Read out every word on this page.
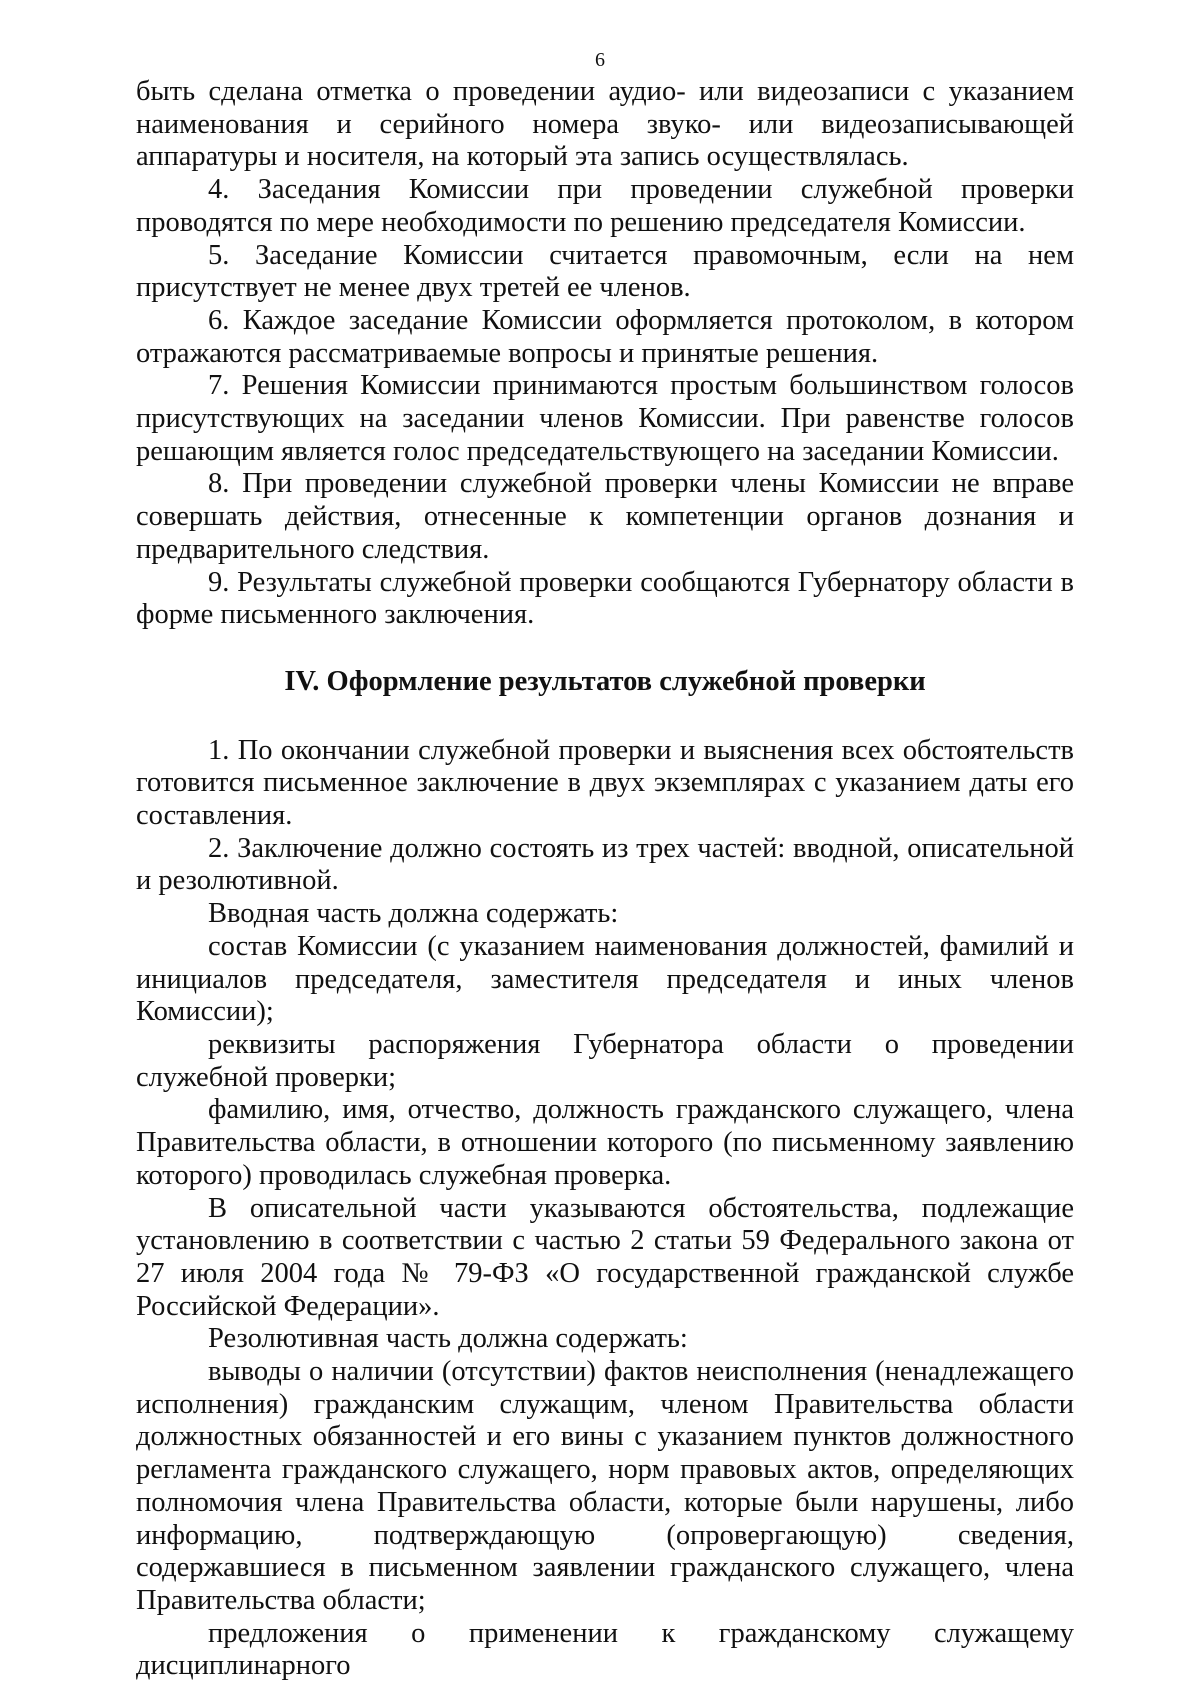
6

быть сделана отметка о проведении аудио- или видеозаписи с указанием наименования и серийного номера звуко- или видеозаписывающей аппаратуры и носителя, на который эта запись осуществлялась.

4. Заседания Комиссии при проведении служебной проверки проводятся по мере необходимости по решению председателя Комиссии.

5. Заседание Комиссии считается правомочным, если на нем присутствует не менее двух третей ее членов.

6. Каждое заседание Комиссии оформляется протоколом, в котором отражаются рассматриваемые вопросы и принятые решения.

7. Решения Комиссии принимаются простым большинством голосов присутствующих на заседании членов Комиссии. При равенстве голосов решающим является голос председательствующего на заседании Комиссии.

8. При проведении служебной проверки члены Комиссии не вправе совершать действия, отнесенные к компетенции органов дознания и предварительного следствия.

9. Результаты служебной проверки сообщаются Губернатору области в форме письменного заключения.

IV. Оформление результатов служебной проверки

1. По окончании служебной проверки и выяснения всех обстоятельств готовится письменное заключение в двух экземплярах с указанием даты его составления.

2. Заключение должно состоять из трех частей: вводной, описательной и резолютивной.

Вводная часть должна содержать:

состав Комиссии (с указанием наименования должностей, фамилий и инициалов председателя, заместителя председателя и иных членов Комиссии);

реквизиты распоряжения Губернатора области о проведении служебной проверки;

фамилию, имя, отчество, должность гражданского служащего, члена Правительства области, в отношении которого (по письменному заявлению которого) проводилась служебная проверка.

В описательной части указываются обстоятельства, подлежащие установлению в соответствии с частью 2 статьи 59 Федерального закона от 27 июля 2004 года № 79-ФЗ «О государственной гражданской службе Российской Федерации».

Резолютивная часть должна содержать:

выводы о наличии (отсутствии) фактов неисполнения (ненадлежащего исполнения) гражданским служащим, членом Правительства области должностных обязанностей и его вины с указанием пунктов должностного регламента гражданского служащего, норм правовых актов, определяющих полномочия члена Правительства области, которые были нарушены, либо информацию, подтверждающую (опровергающую) сведения, содержавшиеся в письменном заявлении гражданского служащего, члена Правительства области;

предложения о применении к гражданскому служащему дисциплинарного
